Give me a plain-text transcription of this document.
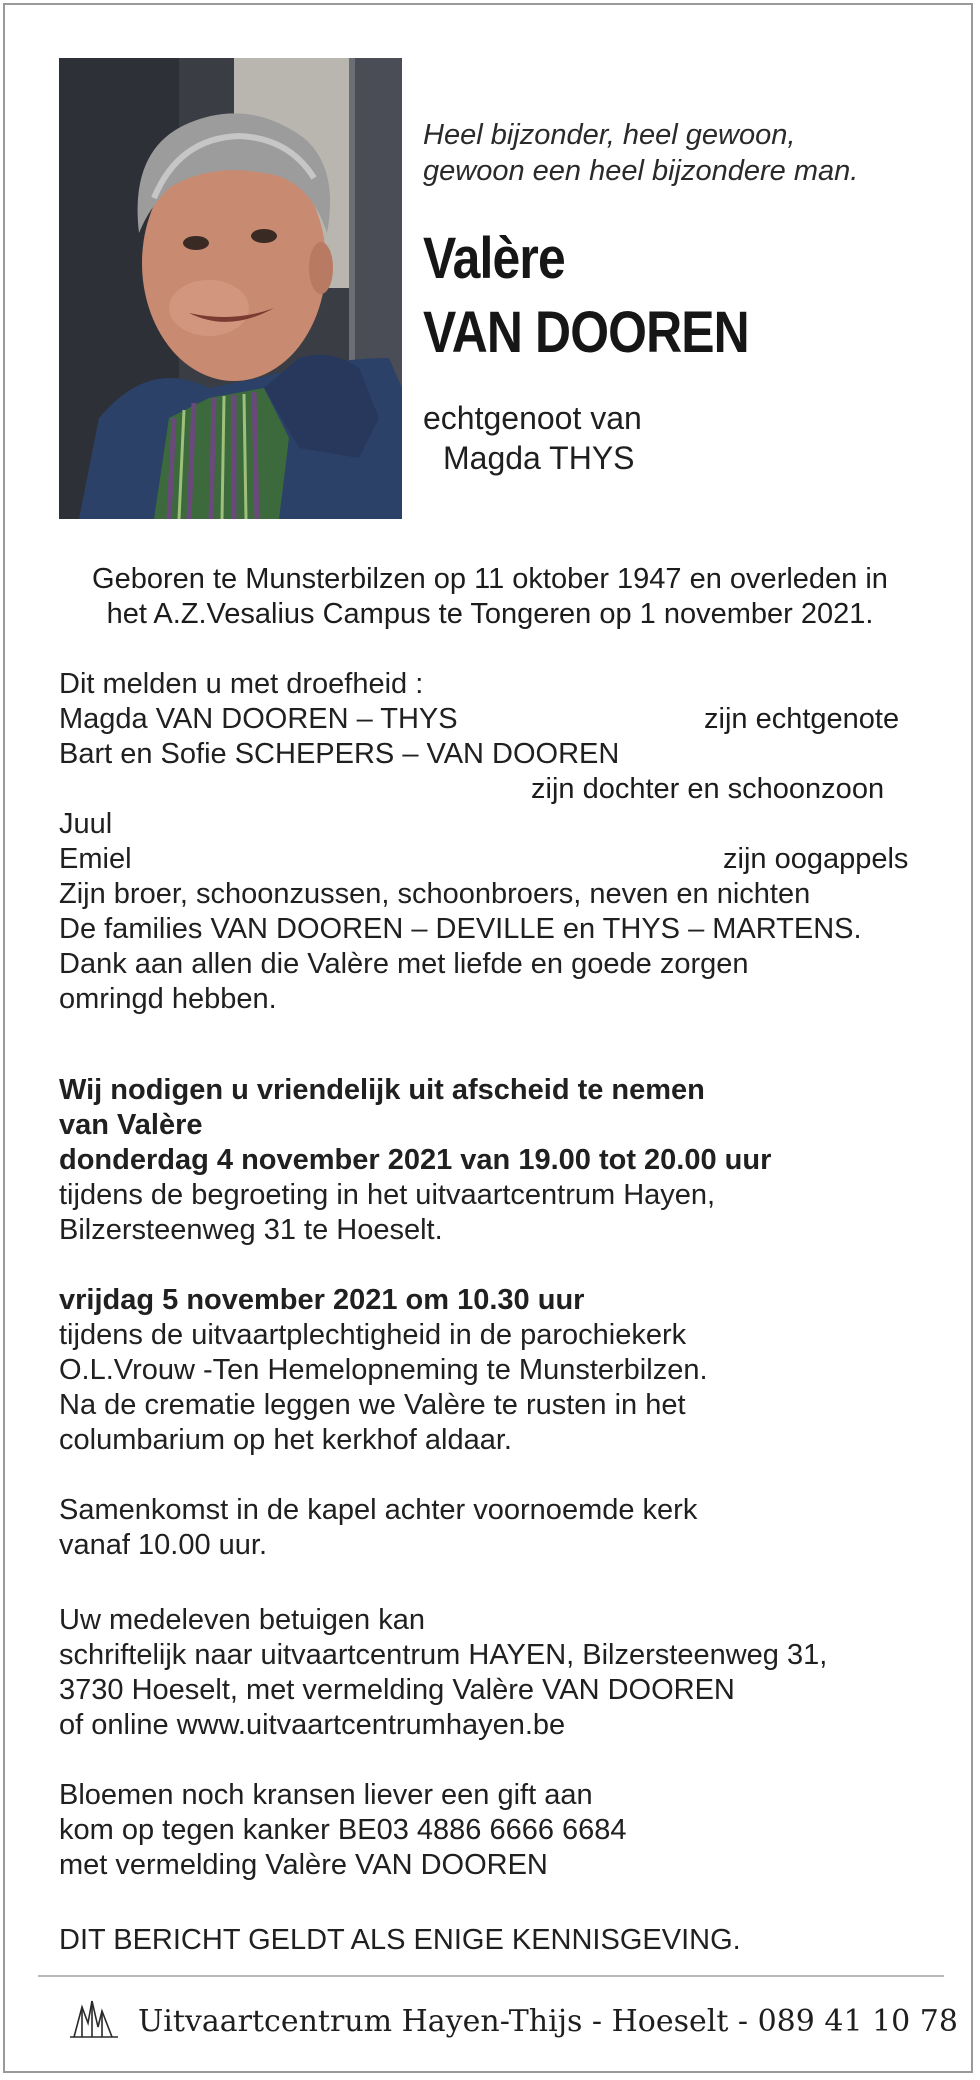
Heel bijzonder, heel gewoon,
gewoon een heel bijzondere man.
Valère
VAN DOOREN
echtgenoot van
Magda THYS
Geboren te Munsterbilzen op 11 oktober 1947 en overleden in
het A.Z.Vesalius Campus te Tongeren op 1 november 2021.
Dit melden u met droefheid :
Magda VAN DOOREN – THYS	zijn echtgenote
Bart en Sofie SCHEPERS – VAN DOOREN
zijn dochter en schoonzoon
Juul
Emiel	zijn oogappels
Zijn broer, schoonzussen, schoonbroers, neven en nichten
De families VAN DOOREN – DEVILLE en THYS – MARTENS.
Dank aan allen die Valère met liefde en goede zorgen
omringd hebben.
Wij nodigen u vriendelijk uit afscheid te nemen
van Valère
donderdag 4 november 2021 van 19.00 tot 20.00 uur
tijdens de begroeting in het uitvaartcentrum Hayen,
Bilzersteenweg 31 te Hoeselt.
vrijdag 5 november 2021 om 10.30 uur
tijdens de uitvaartplechtigheid in de parochiekerk
O.L.Vrouw -Ten Hemelopneming te Munsterbilzen.
Na de crematie leggen we Valère te rusten in het
columbarium op het kerkhof aldaar.
Samenkomst in de kapel achter voornoemde kerk
vanaf 10.00 uur.
Uw medeleven betuigen kan
schriftelijk naar uitvaartcentrum HAYEN, Bilzersteenweg 31,
3730 Hoeselt, met vermelding Valère VAN DOOREN
of online www.uitvaartcentrumhayen.be
Bloemen noch kransen liever een gift aan
kom op tegen kanker BE03 4886 6666 6684
met vermelding Valère VAN DOOREN
DIT BERICHT GELDT ALS ENIGE KENNISGEVING.
Uitvaartcentrum Hayen-Thijs - Hoeselt - 089 41 10 78
